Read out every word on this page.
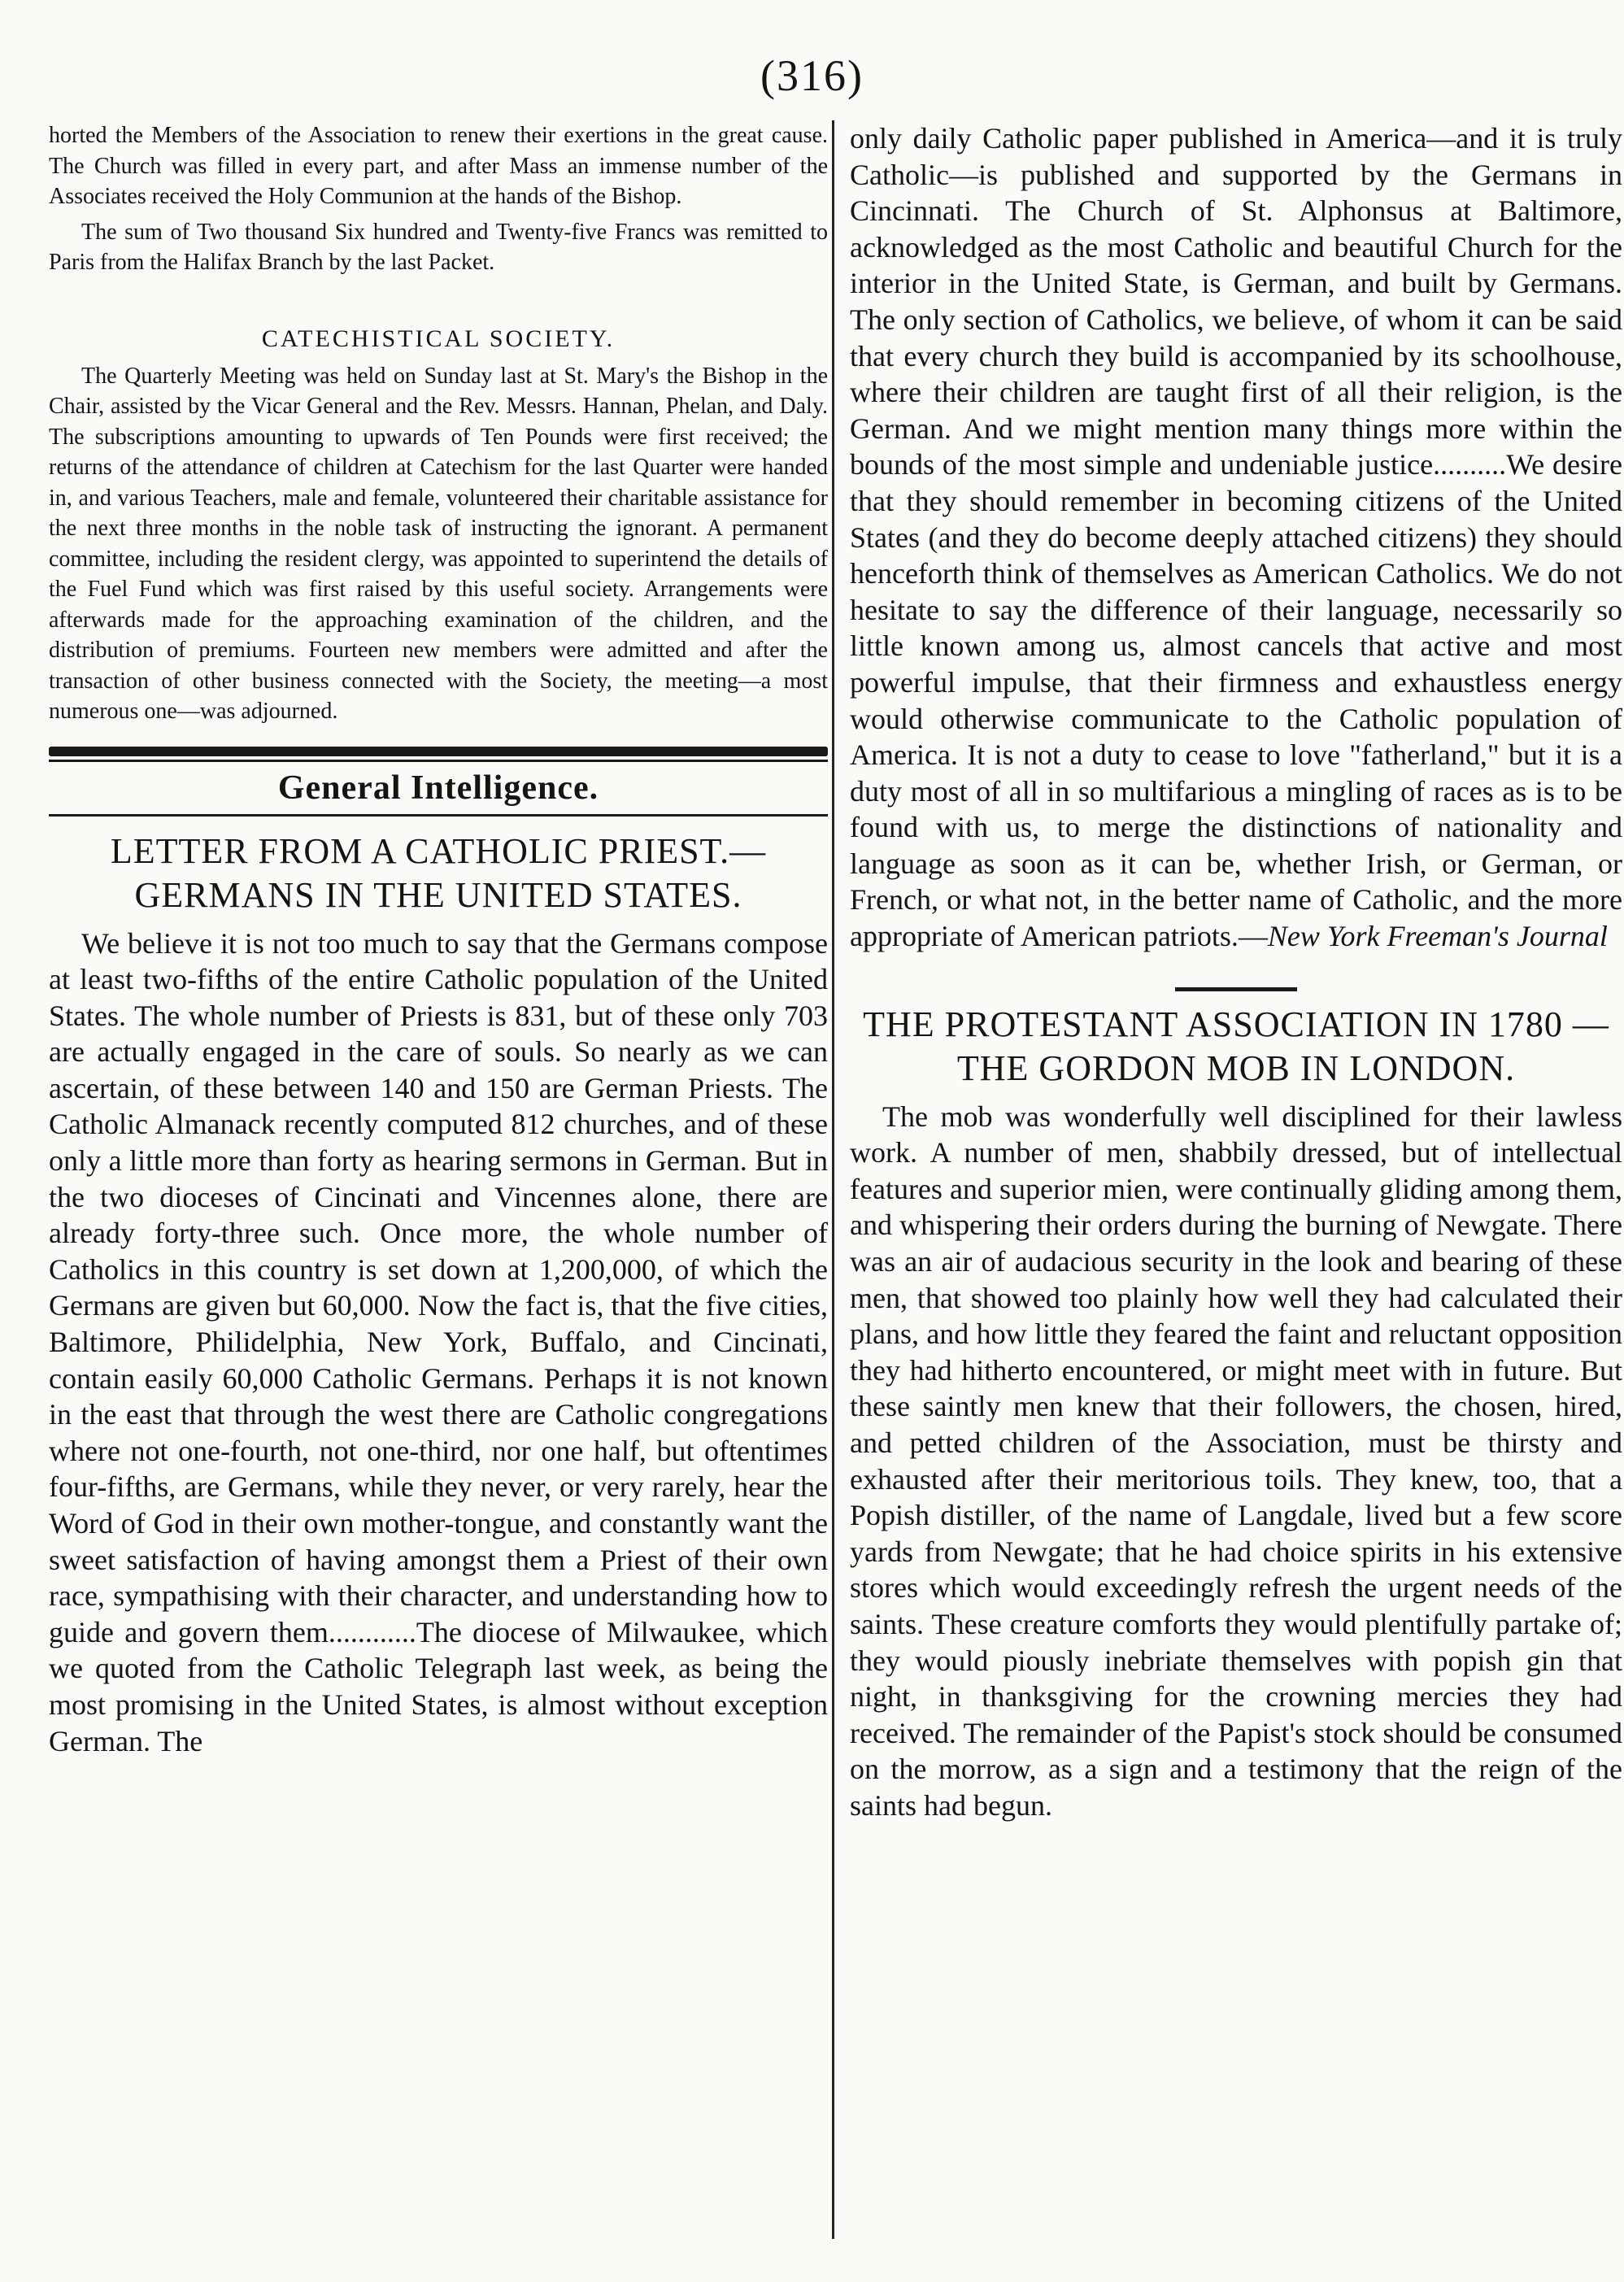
(316)

horted the Members of the Association to renew their exertions in the great cause. The Church was filled in every part, and after Mass an immense number of the Associates received the Holy Communion at the hands of the Bishop.

The sum of Two thousand Six hundred and Twenty-five Francs was remitted to Paris from the Halifax Branch by the last Packet.

CATECHISTICAL SOCIETY.

The Quarterly Meeting was held on Sunday last at St. Mary's the Bishop in the Chair, assisted by the Vicar General and the Rev. Messrs. Hannan, Phelan, and Daly. The subscriptions amounting to upwards of Ten Pounds were first received; the returns of the attendance of children at Catechism for the last Quarter were handed in, and various Teachers, male and female, volunteered their charitable assistance for the next three months in the noble task of instructing the ignorant. A permanent committee, including the resident clergy, was appointed to superintend the details of the Fuel Fund which was first raised by this useful society. Arrangements were afterwards made for the approaching examination of the children, and the distribution of premiums. Fourteen new members were admitted and after the transaction of other business connected with the Society, the meeting—a most numerous one—was adjourned.

General Intelligence.
LETTER FROM A CATHOLIC PRIEST.— GERMANS IN THE UNITED STATES.

We believe it is not too much to say that the Germans compose at least two-fifths of the entire Catholic population of the United States. The whole number of Priests is 831, but of these only 703 are actually engaged in the care of souls. So nearly as we can ascertain, of these between 140 and 150 are German Priests. The Catholic Almanack recently computed 812 churches, and of these only a little more than forty as hearing sermons in German. But in the two dioceses of Cincinati and Vincennes alone, there are already forty-three such. Once more, the whole number of Catholics in this country is set down at 1,200,000, of which the Germans are given but 60,000. Now the fact is, that the five cities, Baltimore, Philidelphia, New York, Buffalo, and Cincinati, contain easily 60,000 Catholic Germans. Perhaps it is not known in the east that through the west there are Catholic congregations where not one-fourth, not one-third, nor one half, but oftentimes four-fifths, are Germans, while they never, or very rarely, hear the Word of God in their own mother-tongue, and constantly want the sweet satisfaction of having amongst them a Priest of their own race, sympathising with their character, and understanding how to guide and govern them............The diocese of Milwaukee, which we quoted from the Catholic Telegraph last week, as being the most promising in the United States, is almost without exception German. The

only daily Catholic paper published in America—and it is truly Catholic—is published and supported by the Germans in Cincinnati. The Church of St. Alphonsus at Baltimore, acknowledged as the most Catholic and beautiful Church for the interior in the United State, is German, and built by Germans. The only section of Catholics, we believe, of whom it can be said that every church they build is accompanied by its schoolhouse, where their children are taught first of all their religion, is the German. And we might mention many things more within the bounds of the most simple and undeniable justice..........We desire that they should remember in becoming citizens of the United States (and they do become deeply attached citizens) they should henceforth think of themselves as American Catholics. We do not hesitate to say the difference of their language, necessarily so little known among us, almost cancels that active and most powerful impulse, that their firmness and exhaustless energy would otherwise communicate to the Catholic population of America. It is not a duty to cease to love "fatherland," but it is a duty most of all in so multifarious a mingling of races as is to be found with us, to merge the distinctions of nationality and language as soon as it can be, whether Irish, or German, or French, or what not, in the better name of Catholic, and the more appropriate of American patriots.—New York Freeman's Journal

THE PROTESTANT ASSOCIATION IN 1780 —THE GORDON MOB IN LONDON.

The mob was wonderfully well disciplined for their lawless work. A number of men, shabbily dressed, but of intellectual features and superior mien, were continually gliding among them, and whispering their orders during the burning of Newgate. There was an air of audacious security in the look and bearing of these men, that showed too plainly how well they had calculated their plans, and how little they feared the faint and reluctant opposition they had hitherto encountered, or might meet with in future. But these saintly men knew that their followers, the chosen, hired, and petted children of the Association, must be thirsty and exhausted after their meritorious toils. They knew, too, that a Popish distiller, of the name of Langdale, lived but a few score yards from Newgate; that he had choice spirits in his extensive stores which would exceedingly refresh the urgent needs of the saints. These creature comforts they would plentifully partake of; they would piously inebriate themselves with popish gin that night, in thanksgiving for the crowning mercies they had received. The remainder of the Papist's stock should be consumed on the morrow, as a sign and a testimony that the reign of the saints had begun.
